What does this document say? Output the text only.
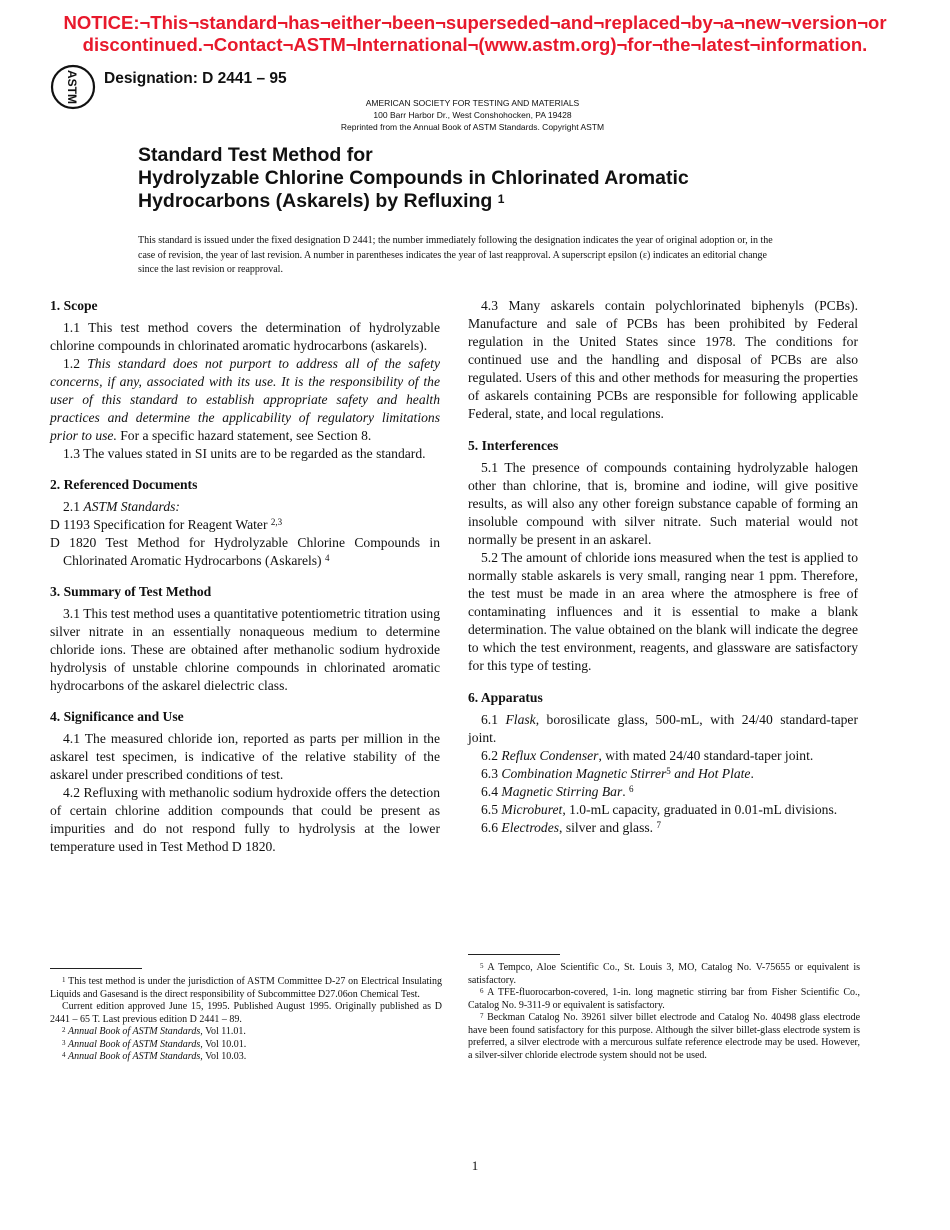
NOTICE:¬This¬standard¬has¬either¬been¬superseded¬and¬replaced¬by¬a¬new¬version¬or
discontinued.¬Contact¬ASTM¬International¬(www.astm.org)¬for¬the¬latest¬information.
ASTM Designation: D 2441 – 95
AMERICAN SOCIETY FOR TESTING AND MATERIALS
100 Barr Harbor Dr., West Conshohocken, PA 19428
Reprinted from the Annual Book of ASTM Standards. Copyright ASTM
Standard Test Method for
Hydrolyzable Chlorine Compounds in Chlorinated Aromatic
Hydrocarbons (Askarels) by Refluxing $^1$
This standard is issued under the fixed designation D 2441; the number immediately following the designation indicates the year of original adoption or, in the case of revision, the year of last revision. A number in parentheses indicates the year of last reapproval. A superscript epsilon (ε) indicates an editorial change since the last revision or reapproval.
1. Scope

1.1 This test method covers the determination of hydrolyzable chlorine compounds in chlorinated aromatic hydrocarbons (askarels).

1.2 This standard does not purport to address all of the safety concerns, if any, associated with its use. It is the responsibility of the user of this standard to establish appropriate safety and health practices and determine the applicability of regulatory limitations prior to use. For a specific hazard statement, see Section 8.

1.3 The values stated in SI units are to be regarded as the standard.

2. Referenced Documents

2.1 ASTM Standards:

D 1193 Specification for Reagent Water $^{2,3}$

D 1820 Test Method for Hydrolyzable Chlorine Compounds in Chlorinated Aromatic Hydrocarbons (Askarels) $^4$

3. Summary of Test Method

3.1 This test method uses a quantitative potentiometric titration using silver nitrate in an essentially nonaqueous medium to determine chloride ions. These are obtained after methanolic sodium hydroxide hydrolysis of unstable chlorine compounds in chlorinated aromatic hydrocarbons of the askarel dielectric class.

4. Significance and Use

4.1 The measured chloride ion, reported as parts per million in the askarel test specimen, is indicative of the relative stability of the askarel under prescribed conditions of test.

4.2 Refluxing with methanolic sodium hydroxide offers the detection of certain chlorine addition compounds that could be present as impurities and do not respond fully to hydrolysis at the lower temperature used in Test Method D 1820.

4.3 Many askarels contain polychlorinated biphenyls (PCBs). Manufacture and sale of PCBs has been prohibited by Federal regulation in the United States since 1978. The conditions for continued use and the handling and disposal of PCBs are also regulated. Users of this and other methods for measuring the properties of askarels containing PCBs are responsible for following applicable Federal, state, and local regulations.

5. Interferences

5.1 The presence of compounds containing hydrolyzable halogen other than chlorine, that is, bromine and iodine, will give positive results, as will also any other foreign substance capable of forming an insoluble compound with silver nitrate. Such material would not normally be present in an askarel.

5.2 The amount of chloride ions measured when the test is applied to normally stable askarels is very small, ranging near 1 ppm. Therefore, the test must be made in an area where the atmosphere is free of contaminating influences and it is essential to make a blank determination. The value obtained on the blank will indicate the degree to which the test environment, reagents, and glassware are satisfactory for this type of testing.

6. Apparatus

6.1 Flask, borosilicate glass, 500-mL, with 24/40 standard-taper joint.

6.2 Reflux Condenser, with mated 24/40 standard-taper joint.

6.3 Combination Magnetic Stirrer$^5$ and Hot Plate.

6.4 Magnetic Stirring Bar. $^6$

6.5 Microburet, 1.0-mL capacity, graduated in 0.01-mL divisions.

6.6 Electrodes, silver and glass. $^7$

$^1$ This test method is under the jurisdiction of ASTM Committee D-27 on Electrical Insulating Liquids and Gasesand is the direct responsibility of Subcommittee D27.06on Chemical Test.

Current edition approved June 15, 1995. Published August 1995. Originally published as D 2441 – 65 T. Last previous edition D 2441 – 89.

$^2$ Annual Book of ASTM Standards, Vol 11.01.

$^3$ Annual Book of ASTM Standards, Vol 10.01.

$^4$ Annual Book of ASTM Standards, Vol 10.03.

$^5$ A Tempco, Aloe Scientific Co., St. Louis 3, MO, Catalog No. V-75655 or equivalent is satisfactory.

$^6$ A TFE-fluorocarbon-covered, 1-in. long magnetic stirring bar from Fisher Scientific Co., Catalog No. 9-311-9 or equivalent is satisfactory.

$^7$ Beckman Catalog No. 39261 silver billet electrode and Catalog No. 40498 glass electrode have been found satisfactory for this purpose. Although the silver billet-glass electrode system is preferred, a silver electrode with a mercurous sulfate reference electrode may be used. However, a silver-silver chloride electrode system should not be used.

1
